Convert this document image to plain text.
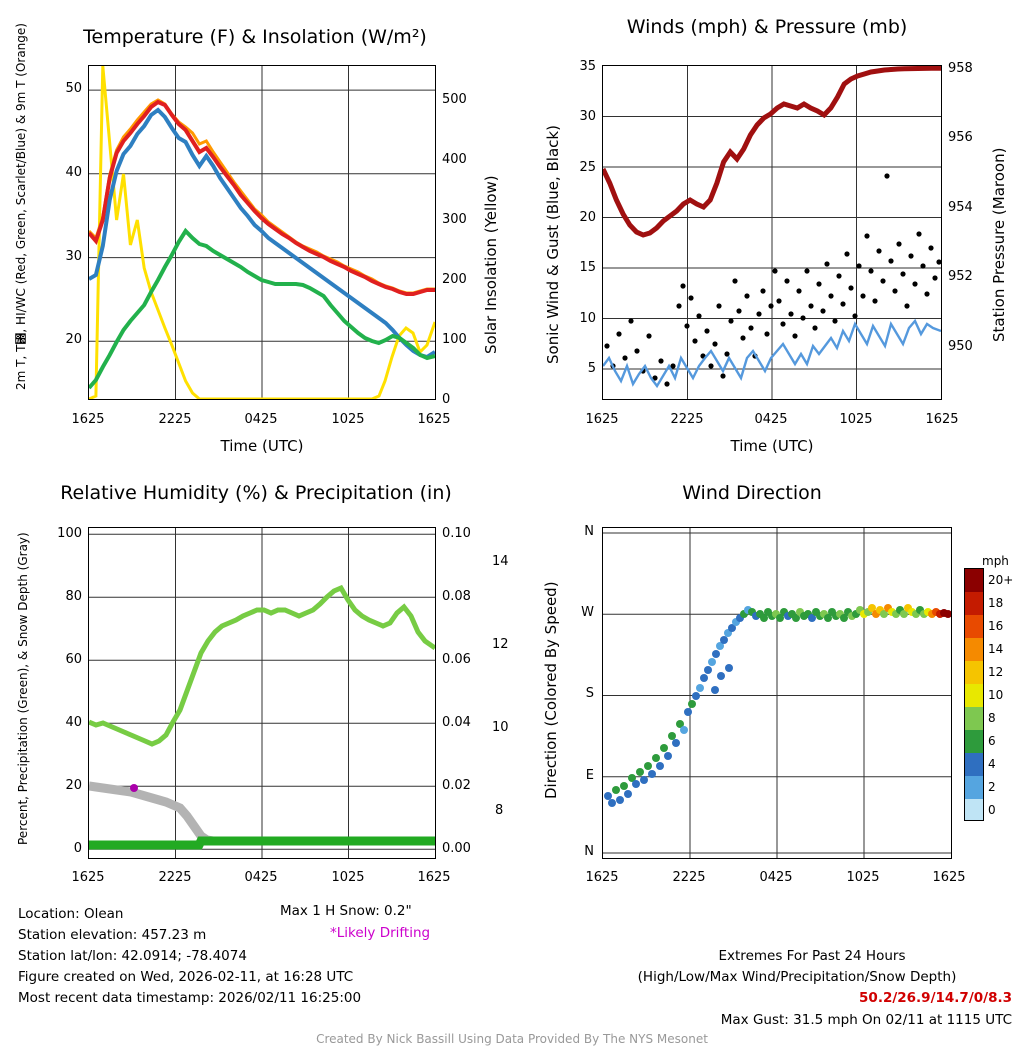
Temperature (F) & Insolation (W/m²)
2m T, T₝, HI/WC (Red, Green, Scarlet/Blue) & 9m T (Orange)	Solar Insolation (Yellow)
50
40
30
20
500
400
300
200
100
0
1625	2225	0425	1025	1625
Time (UTC)
Winds (mph) & Pressure (mb)
Sonic Wind & Gust (Blue, Black)	Station Pressure (Maroon)
35
30
25
20
15
10
5
958
956
954
952
950
1625	2225	0425	1025	1625
Time (UTC)
Relative Humidity (%) & Precipitation (in)
Percent, Precipitation (Green), & Snow Depth (Gray)	100
80
60
40
20
0
0.10
0.08
0.06
0.04
0.02
0.00
14
12
10
8
1625	2225	0425	1025	1625
Wind Direction
Direction (Colored By Speed)
N
W
S
E
N
1625	2225	0425	1025	1625
mph
20+
18
16
14
12
10
8
6
4
2
0
Location: Olean
Station elevation: 457.23 m
Station lat/lon: 42.0914; -78.4074
Figure created on Wed, 2026-02-11, at 16:28 UTC
Most recent data timestamp: 2026/02/11 16:25:00
Max 1 H Snow: 0.2"
*Likely Drifting
Extremes For Past 24 Hours
(High/Low/Max Wind/Precipitation/Snow Depth)
50.2/26.9/14.7/0/8.3
Max Gust: 31.5 mph On 02/11 at 1115 UTC
Created By Nick Bassill Using Data Provided By The NYS Mesonet
